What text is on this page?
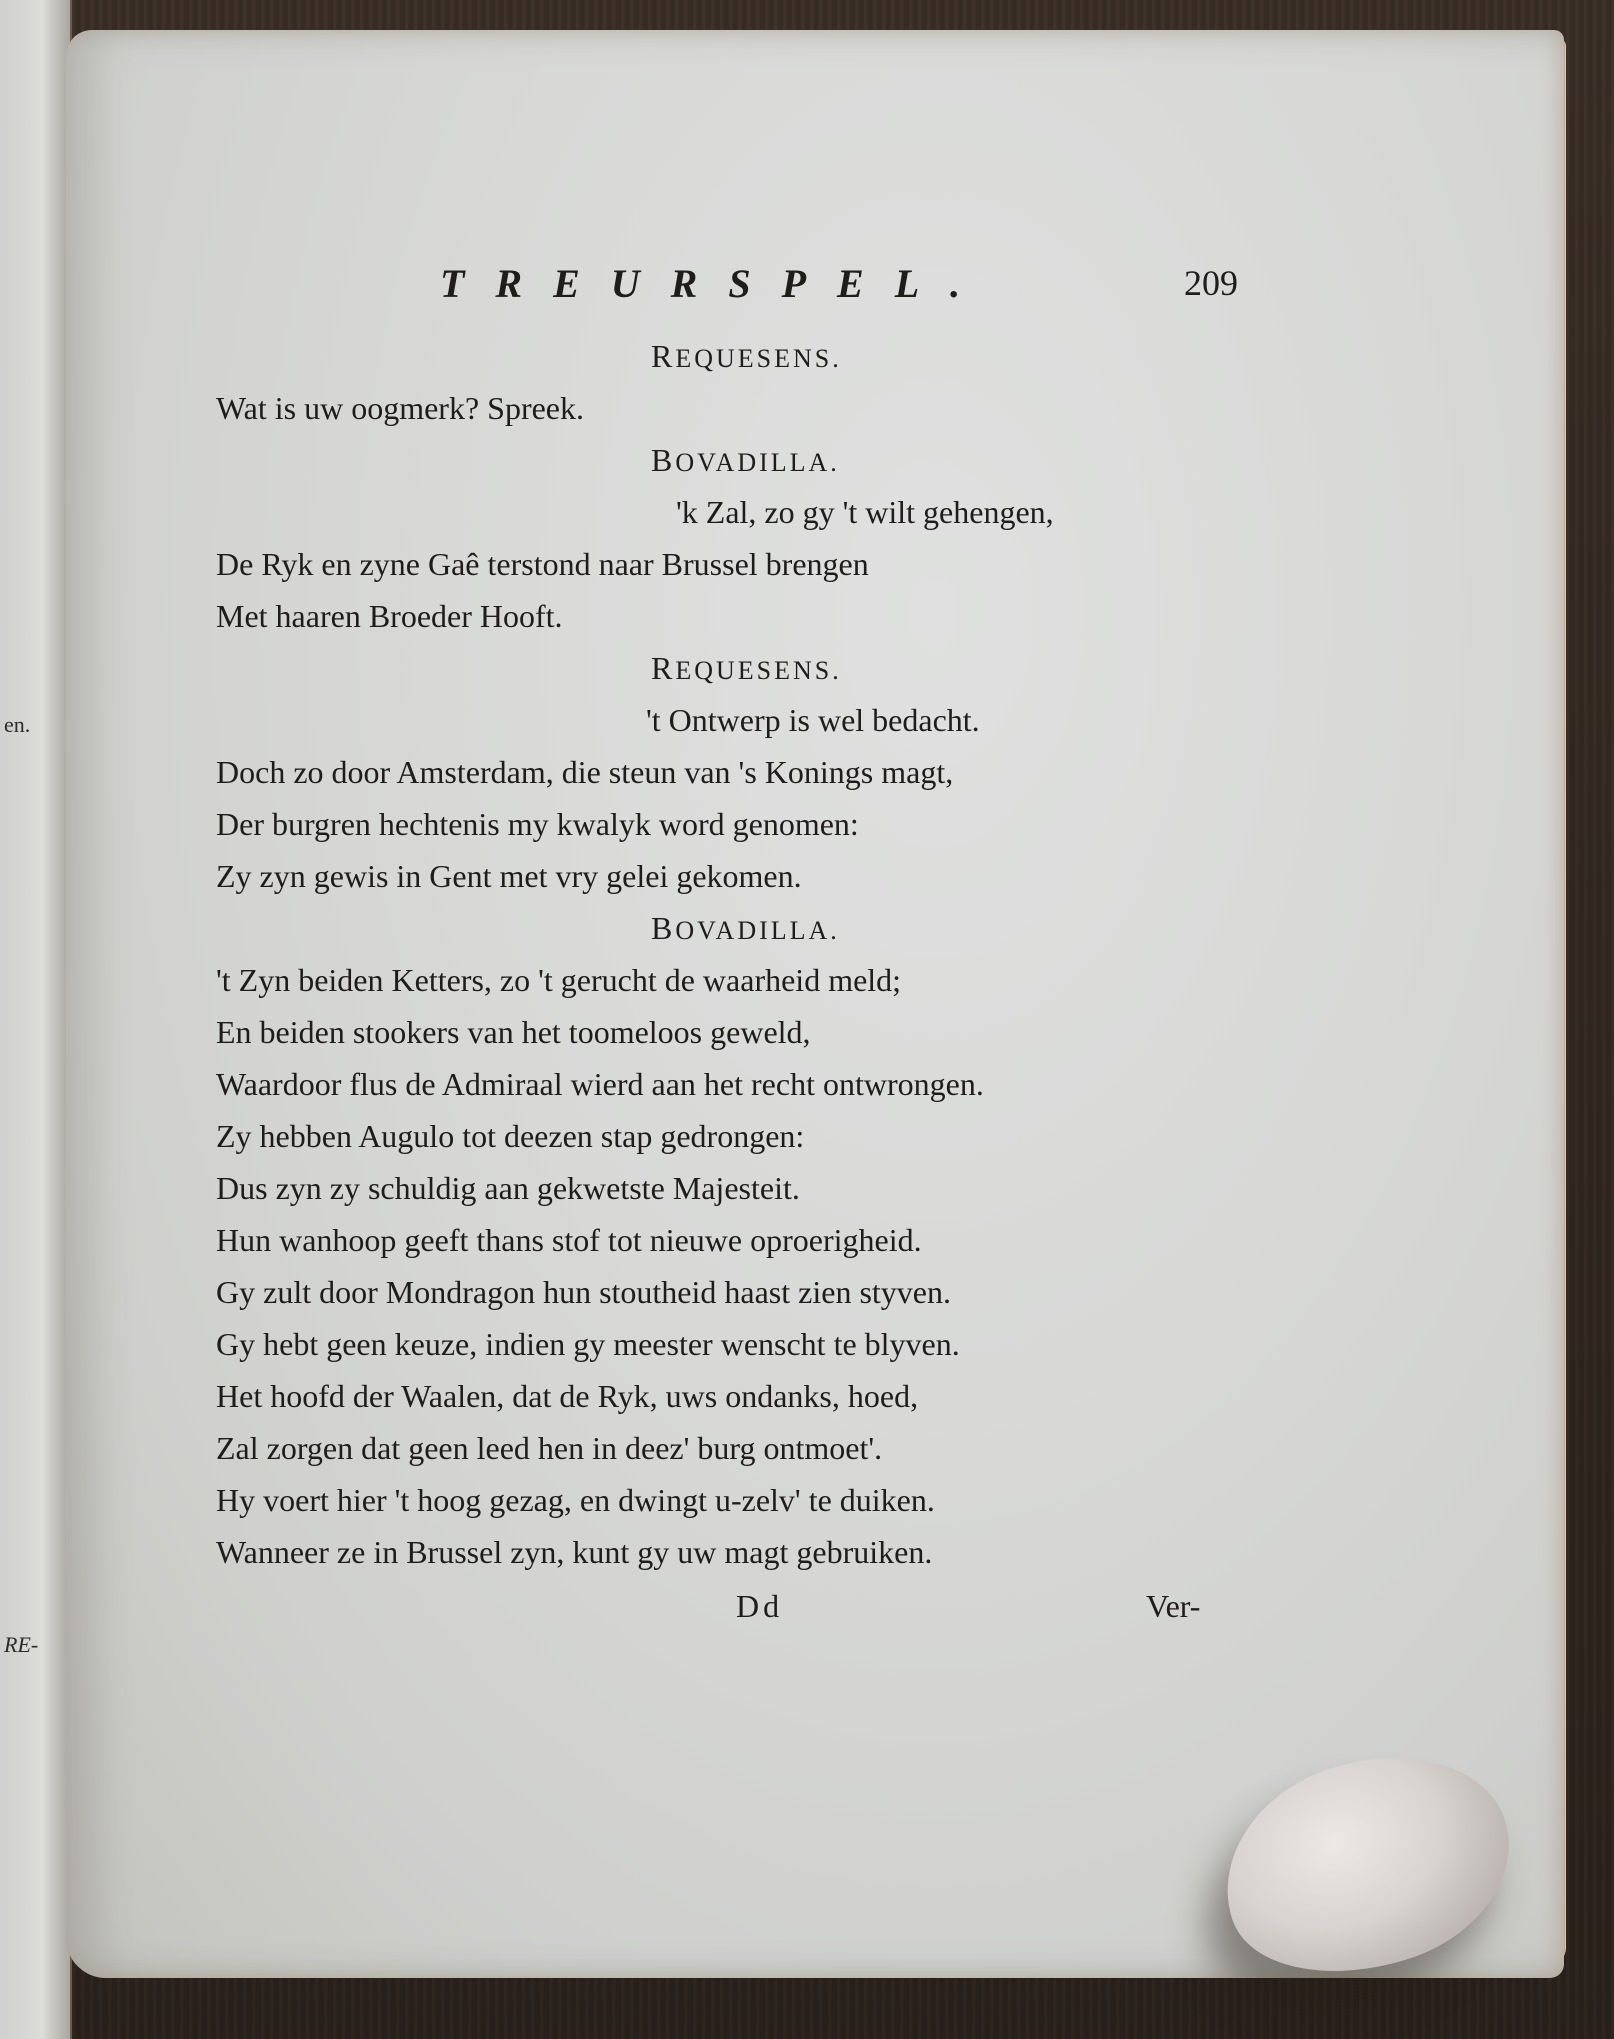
en.
RE-
TREURSPEL.	209
REQUESENS.
Wat is uw oogmerk? Spreek.
BOVADILLA.
'k Zal, zo gy 't wilt gehengen,
De Ryk en zyne Gaê terstond naar Brussel brengen
Met haaren Broeder Hooft.
REQUESENS.
't Ontwerp is wel bedacht.
Doch zo door Amsterdam, die steun van 's Konings magt,
Der burgren hechtenis my kwalyk word genomen:
Zy zyn gewis in Gent met vry gelei gekomen.
BOVADILLA.
't Zyn beiden Ketters, zo 't gerucht de waarheid meld;
En beiden stookers van het toomeloos geweld,
Waardoor flus de Admiraal wierd aan het recht ontwrongen.
Zy hebben Augulo tot deezen stap gedrongen:
Dus zyn zy schuldig aan gekwetste Majesteit.
Hun wanhoop geeft thans stof tot nieuwe oproerigheid.
Gy zult door Mondragon hun stoutheid haast zien styven.
Gy hebt geen keuze, indien gy meester wenscht te blyven.
Het hoofd der Waalen, dat de Ryk, uws ondanks, hoed,
Zal zorgen dat geen leed hen in deez' burg ontmoet'.
Hy voert hier 't hoog gezag, en dwingt u-zelv' te duiken.
Wanneer ze in Brussel zyn, kunt gy uw magt gebruiken.
Dd	Ver-
